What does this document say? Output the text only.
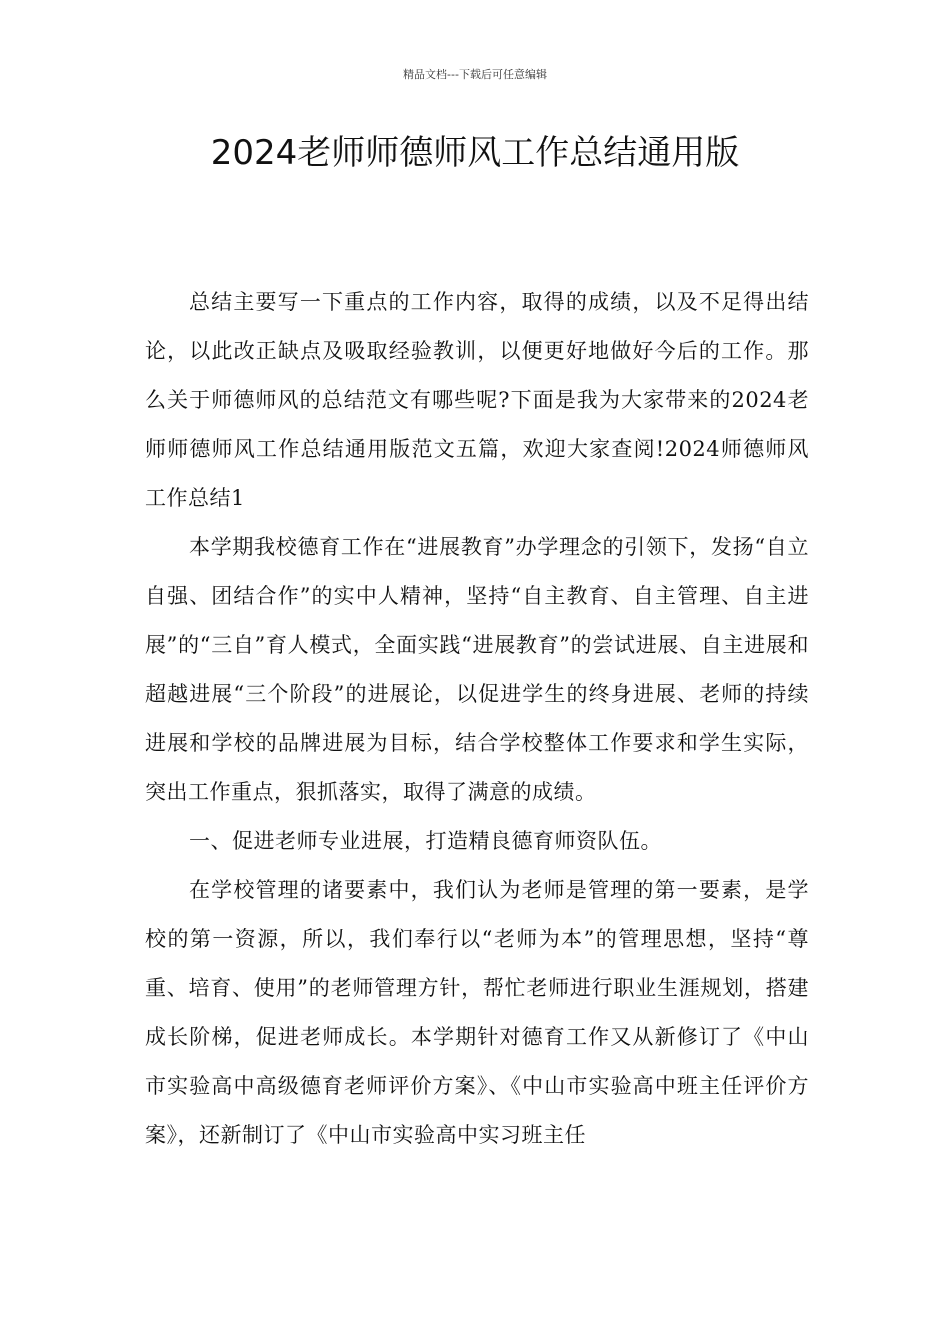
精品文档---下载后可任意编辑
2024老师师德师风工作总结通用版

总结主要写一下重点的工作内容，取得的成绩，以及不足得出结论，以此改正缺点及吸取经验教训，以便更好地做好今后的工作。那么关于师德师风的总结范文有哪些呢?下面是我为大家带来的2024老师师德师风工作总结通用版范文五篇，欢迎大家查阅!2024师德师风工作总结1

本学期我校德育工作在“进展教育”办学理念的引领下，发扬“自立自强、团结合作”的实中人精神，坚持“自主教育、自主管理、自主进展”的“三自”育人模式，全面实践“进展教育”的尝试进展、自主进展和超越进展“三个阶段”的进展论，以促进学生的终身进展、老师的持续进展和学校的品牌进展为目标，结合学校整体工作要求和学生实际，突出工作重点，狠抓落实，取得了满意的成绩。

一、促进老师专业进展，打造精良德育师资队伍。

在学校管理的诸要素中，我们认为老师是管理的第一要素，是学校的第一资源，所以，我们奉行以“老师为本”的管理思想，坚持“尊重、培育、使用”的老师管理方针，帮忙老师进行职业生涯规划，搭建成长阶梯，促进老师成长。本学期针对德育工作又从新修订了《中山市实验高中高级德育老师评价方案》、《中山市实验高中班主任评价方案》，还新制订了《中山市实验高中实习班主任
